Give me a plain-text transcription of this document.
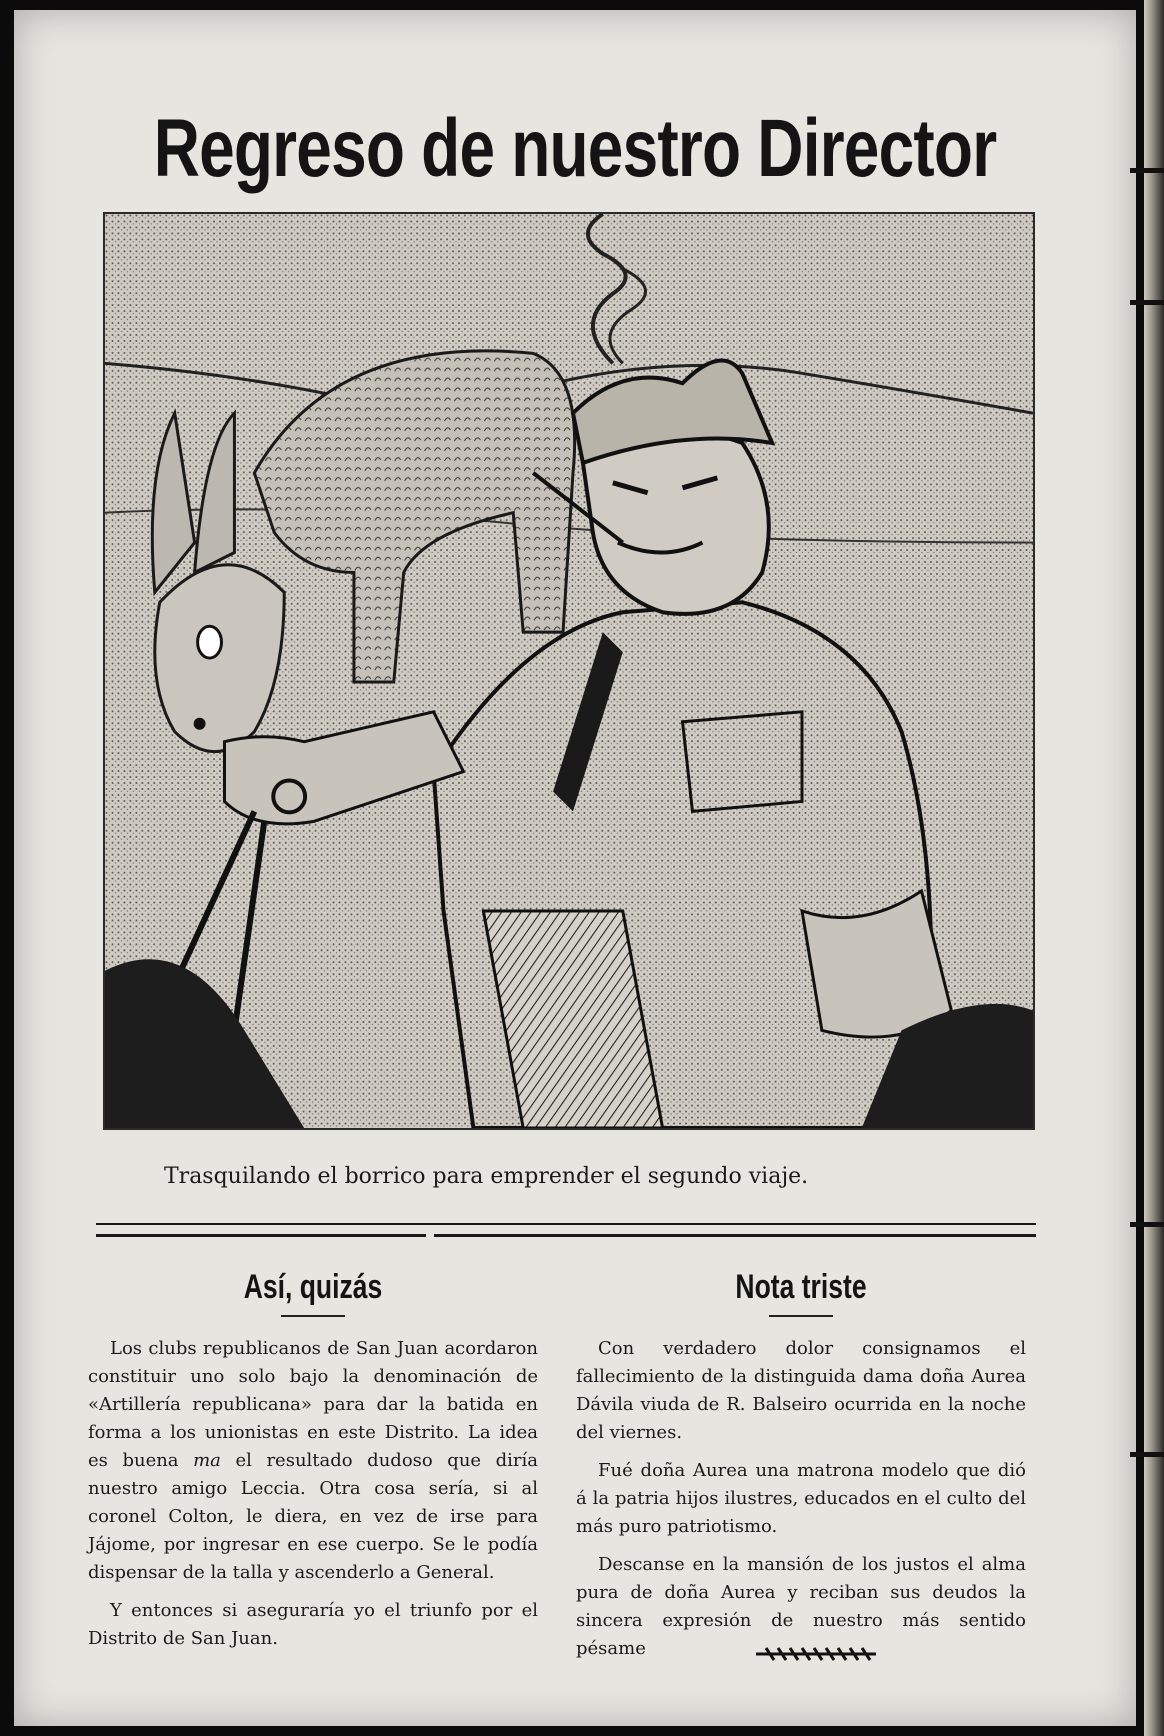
Regreso de nuestro Director

Trasquilando el borrico para emprender el segundo viaje.

Así, quizás

Los clubs republicanos de San Juan acordaron constituir uno solo bajo la denominación de «Artillería republicana» para dar la batida en forma a los unionistas en este Distrito. La idea es buena ma el resultado dudoso que diría nuestro amigo Leccia. Otra cosa sería, si al coronel Colton, le diera, en vez de irse para Jájome, por ingresar en ese cuerpo. Se le podía dispensar de la talla y ascenderlo a General.

Y entonces si aseguraría yo el triunfo por el Distrito de San Juan.

Nota triste

Con verdadero dolor consignamos el fallecimiento de la distinguida dama doña Aurea Dávila viuda de R. Balseiro ocurrida en la noche del viernes.

Fué doña Aurea una matrona modelo que dió á la patria hijos ilustres, educados en el culto del más puro patriotismo.

Descanse en la mansión de los justos el alma pura de doña Aurea y reciban sus deudos la sincera expresión de nuestro más sentido pésame
